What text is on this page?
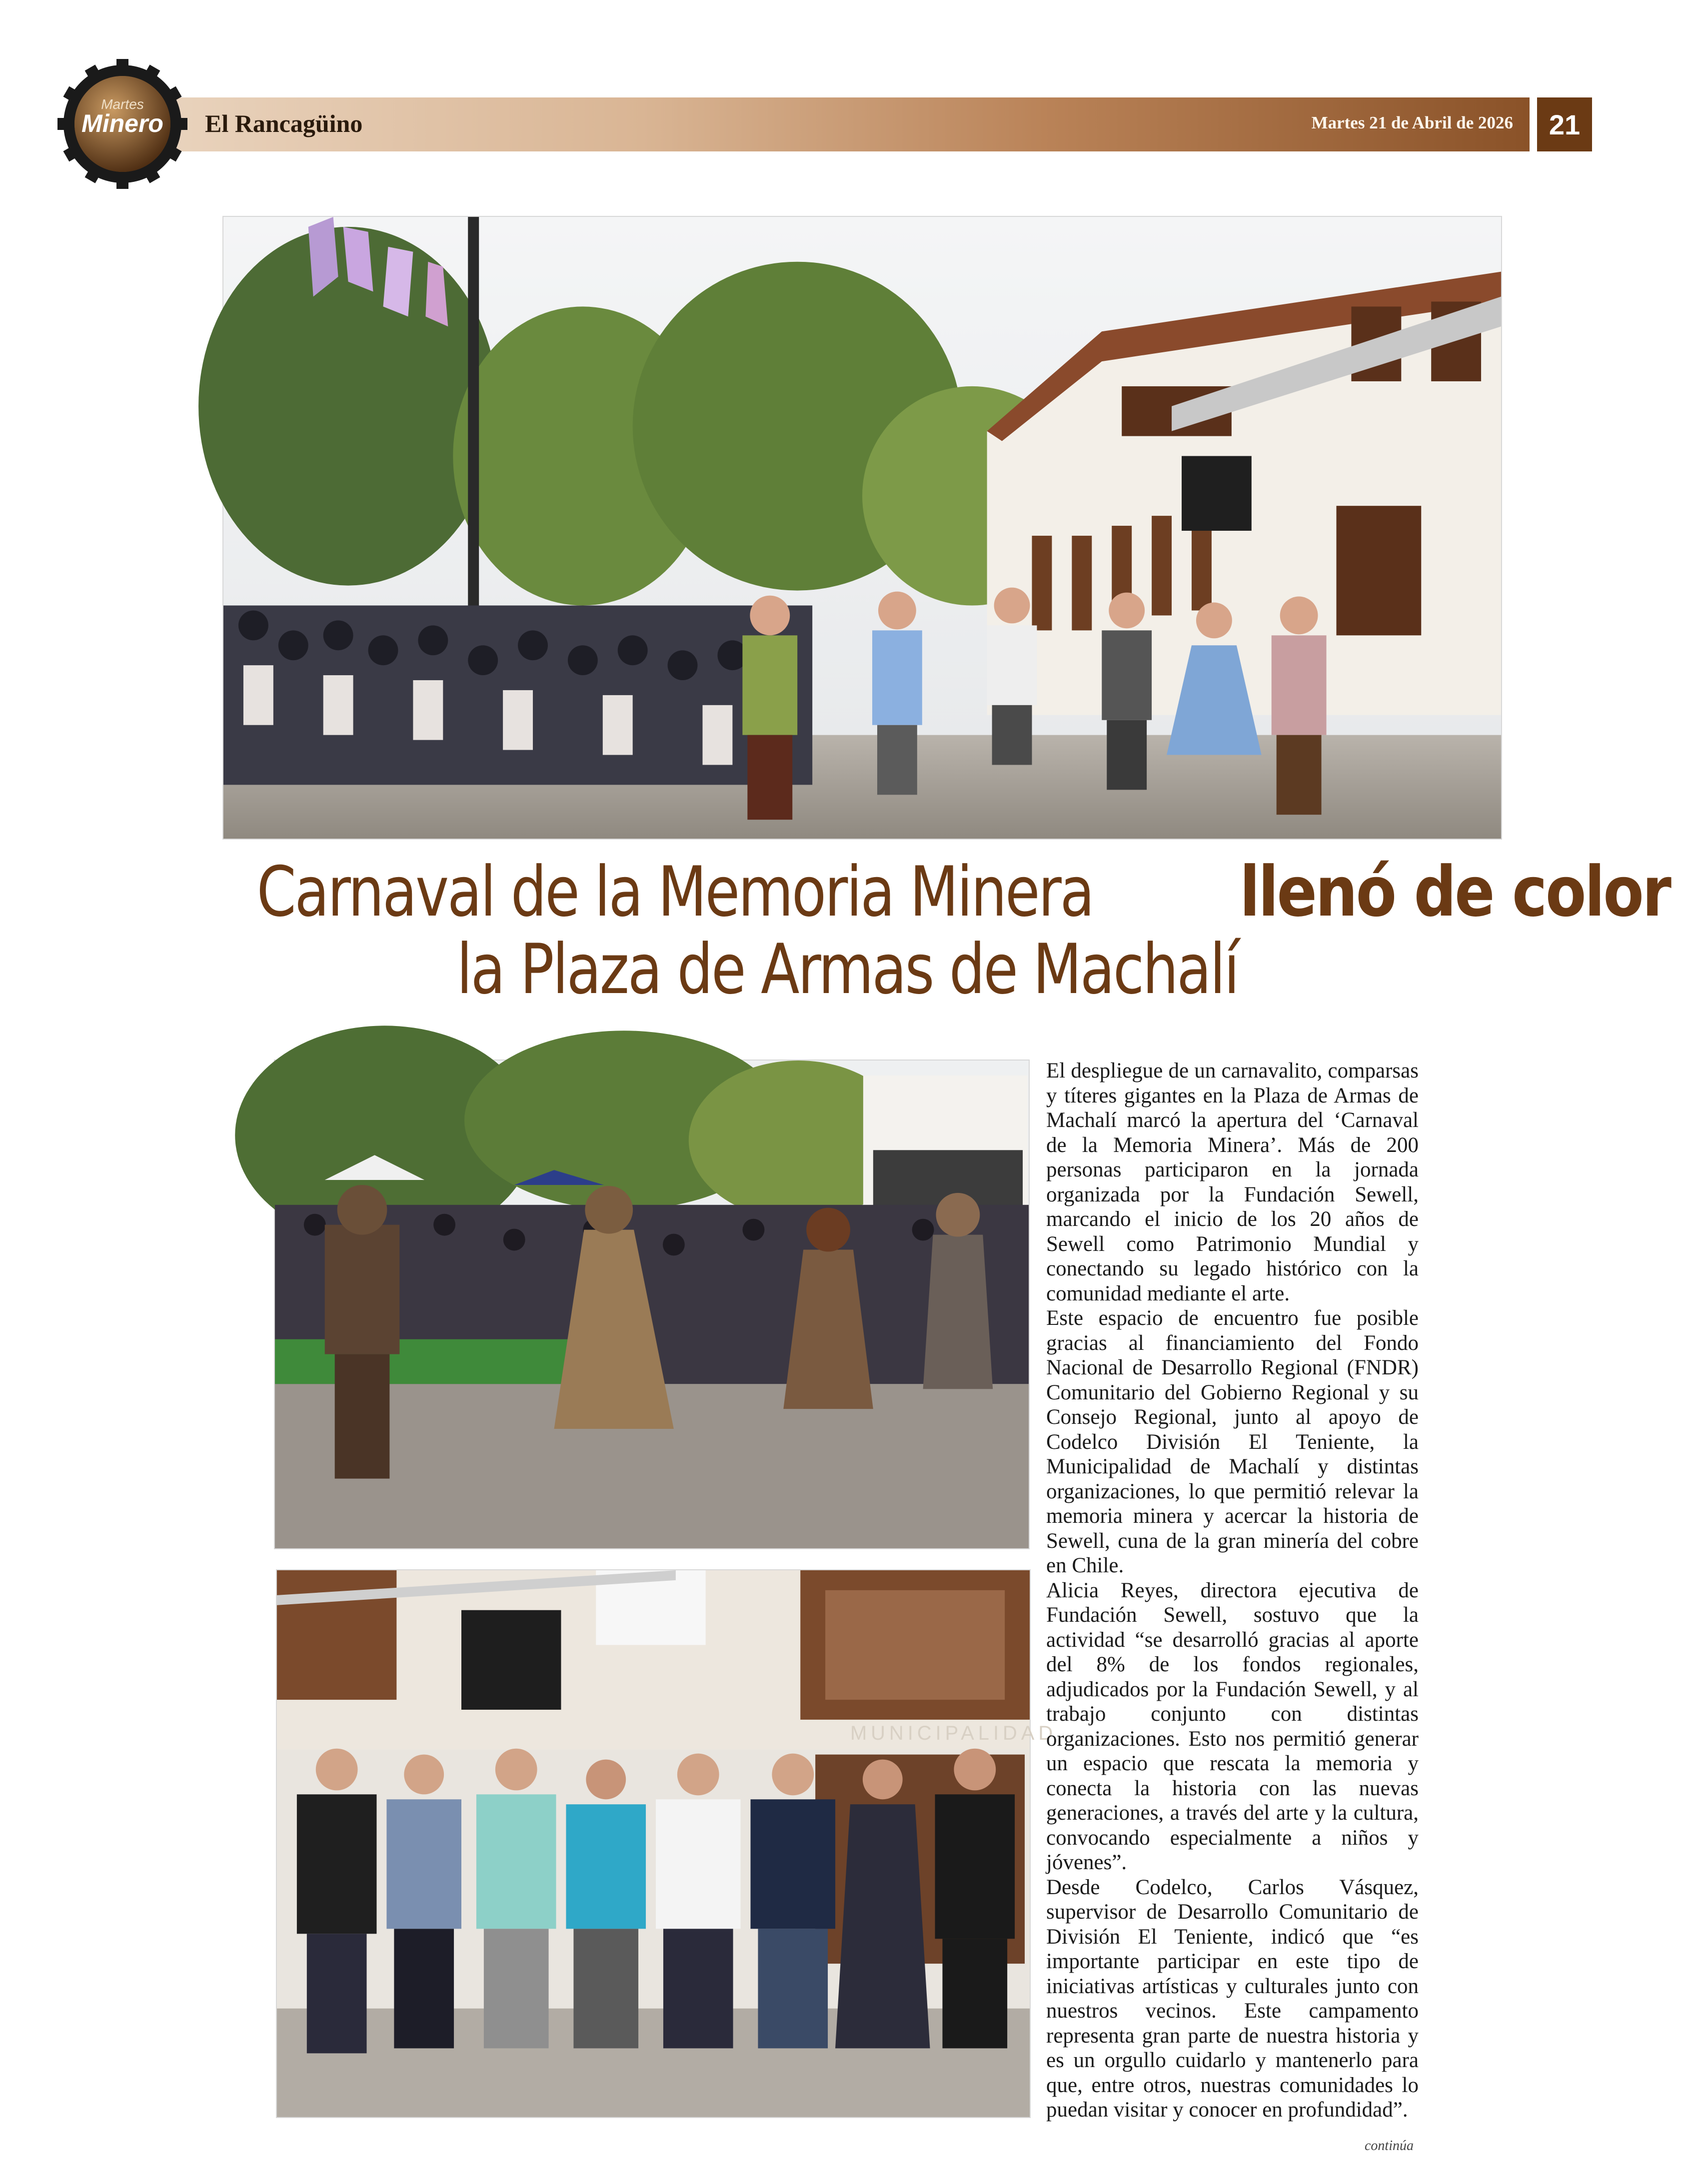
Martes
Minero	El Rancagüino	Martes 21 de Abril de 2026	21
Carnaval de la Memoria Minera llenó de color
la Plaza de Armas de Machalí
MUNICIPALIDAD

El despliegue de un carnavalito, comparsas y títeres gigantes en la Plaza de Armas de Machalí marcó la apertura del ‘Carnaval de la Memoria Minera’. Más de 200 personas participaron en la jornada organizada por la Fundación Sewell, marcando el inicio de los 20 años de Sewell como Patrimonio Mundial y conectando su legado histórico con la comunidad mediante el arte.

Este espacio de encuentro fue posible gracias al financiamiento del Fondo Nacional de Desarrollo Regional (FNDR) Comunitario del Gobierno Regional y su Consejo Regional, junto al apoyo de Codelco División El Teniente, la Municipalidad de Machalí y distintas organizaciones, lo que permitió relevar la memoria minera y acercar la historia de Sewell, cuna de la gran minería del cobre en Chile.

Alicia Reyes, directora ejecutiva de Fundación Sewell, sostuvo que la actividad “se desarrolló gracias al aporte del 8% de los fondos regionales, adjudicados por la Fundación Sewell, y al trabajo conjunto con distintas organizaciones. Esto nos permitió generar un espacio que rescata la memoria y conecta la historia con las nuevas generaciones, a través del arte y la cultura, convocando especialmente a niños y jóvenes”.

Desde Codelco, Carlos Vásquez, supervisor de Desarrollo Comunitario de División El Teniente, indicó que “es importante participar en este tipo de iniciativas artísticas y culturales junto con nuestros vecinos. Este campamento representa gran parte de nuestra historia y es un orgullo cuidarlo y mantenerlo para que, entre otros, nuestras comunidades lo puedan visitar y conocer en profundidad”.

continúa
